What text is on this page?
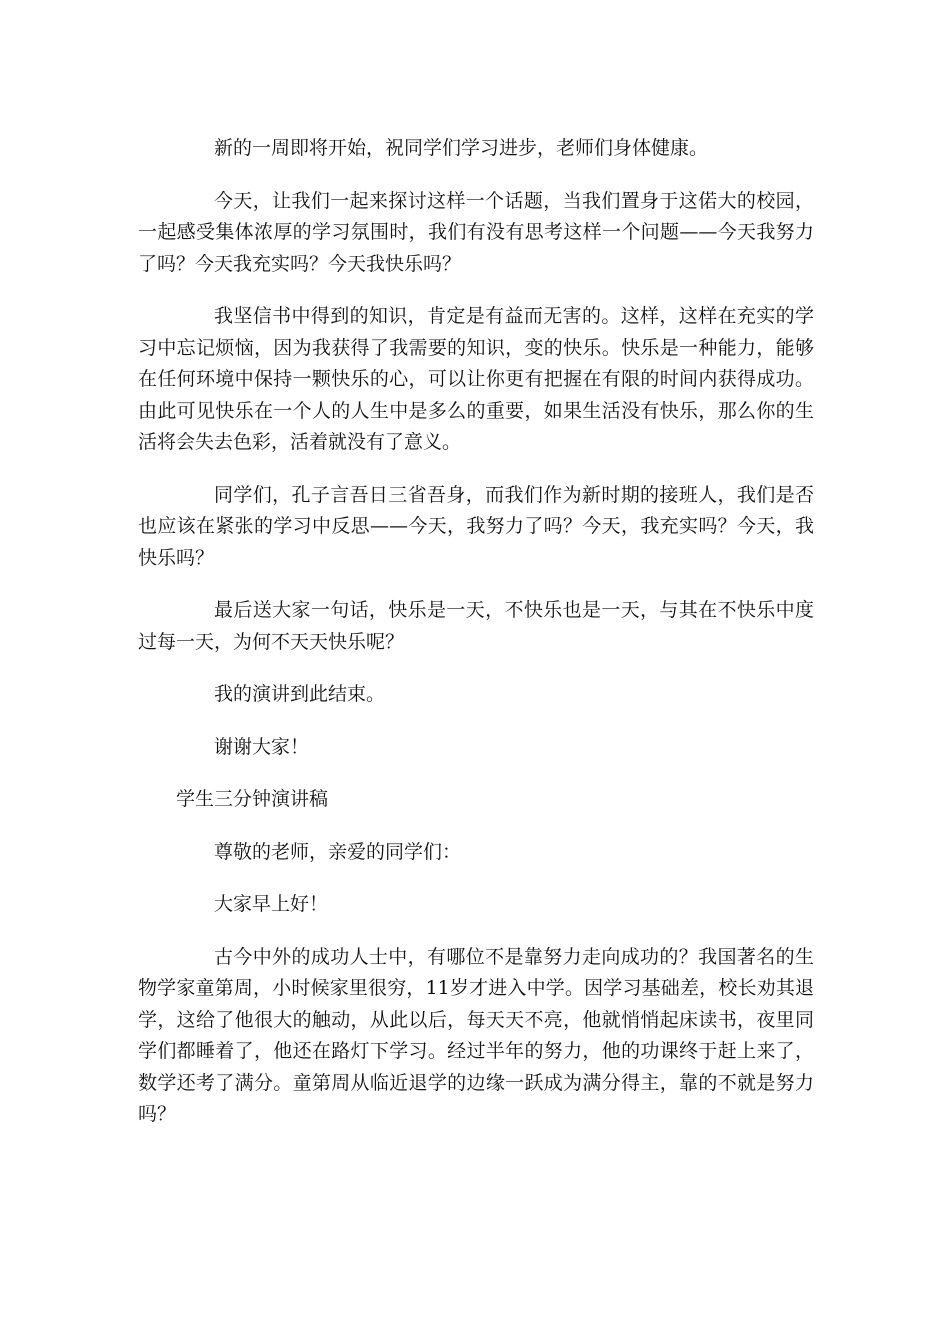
新的一周即将开始，祝同学们学习进步，老师们身体健康。

今天，让我们一起来探讨这样一个话题，当我们置身于这偌大的校园，一起感受集体浓厚的学习氛围时，我们有没有思考这样一个问题——今天我努力了吗？今天我充实吗？今天我快乐吗？

我坚信书中得到的知识，肯定是有益而无害的。这样，这样在充实的学习中忘记烦恼，因为我获得了我需要的知识，变的快乐。快乐是一种能力，能够在任何环境中保持一颗快乐的心，可以让你更有把握在有限的时间内获得成功。由此可见快乐在一个人的人生中是多么的重要，如果生活没有快乐，那么你的生活将会失去色彩，活着就没有了意义。

同学们，孔子言吾日三省吾身，而我们作为新时期的接班人，我们是否也应该在紧张的学习中反思——今天，我努力了吗？今天，我充实吗？今天，我快乐吗？

最后送大家一句话，快乐是一天，不快乐也是一天，与其在不快乐中度过每一天，为何不天天快乐呢？

我的演讲到此结束。

谢谢大家！

学生三分钟演讲稿

尊敬的老师，亲爱的同学们：

大家早上好！

古今中外的成功人士中，有哪位不是靠努力走向成功的？我国著名的生物学家童第周，小时候家里很穷，11岁才进入中学。因学习基础差，校长劝其退学，这给了他很大的触动，从此以后，每天天不亮，他就悄悄起床读书，夜里同学们都睡着了，他还在路灯下学习。经过半年的努力，他的功课终于赶上来了，数学还考了满分。童第周从临近退学的边缘一跃成为满分得主，靠的不就是努力吗？
